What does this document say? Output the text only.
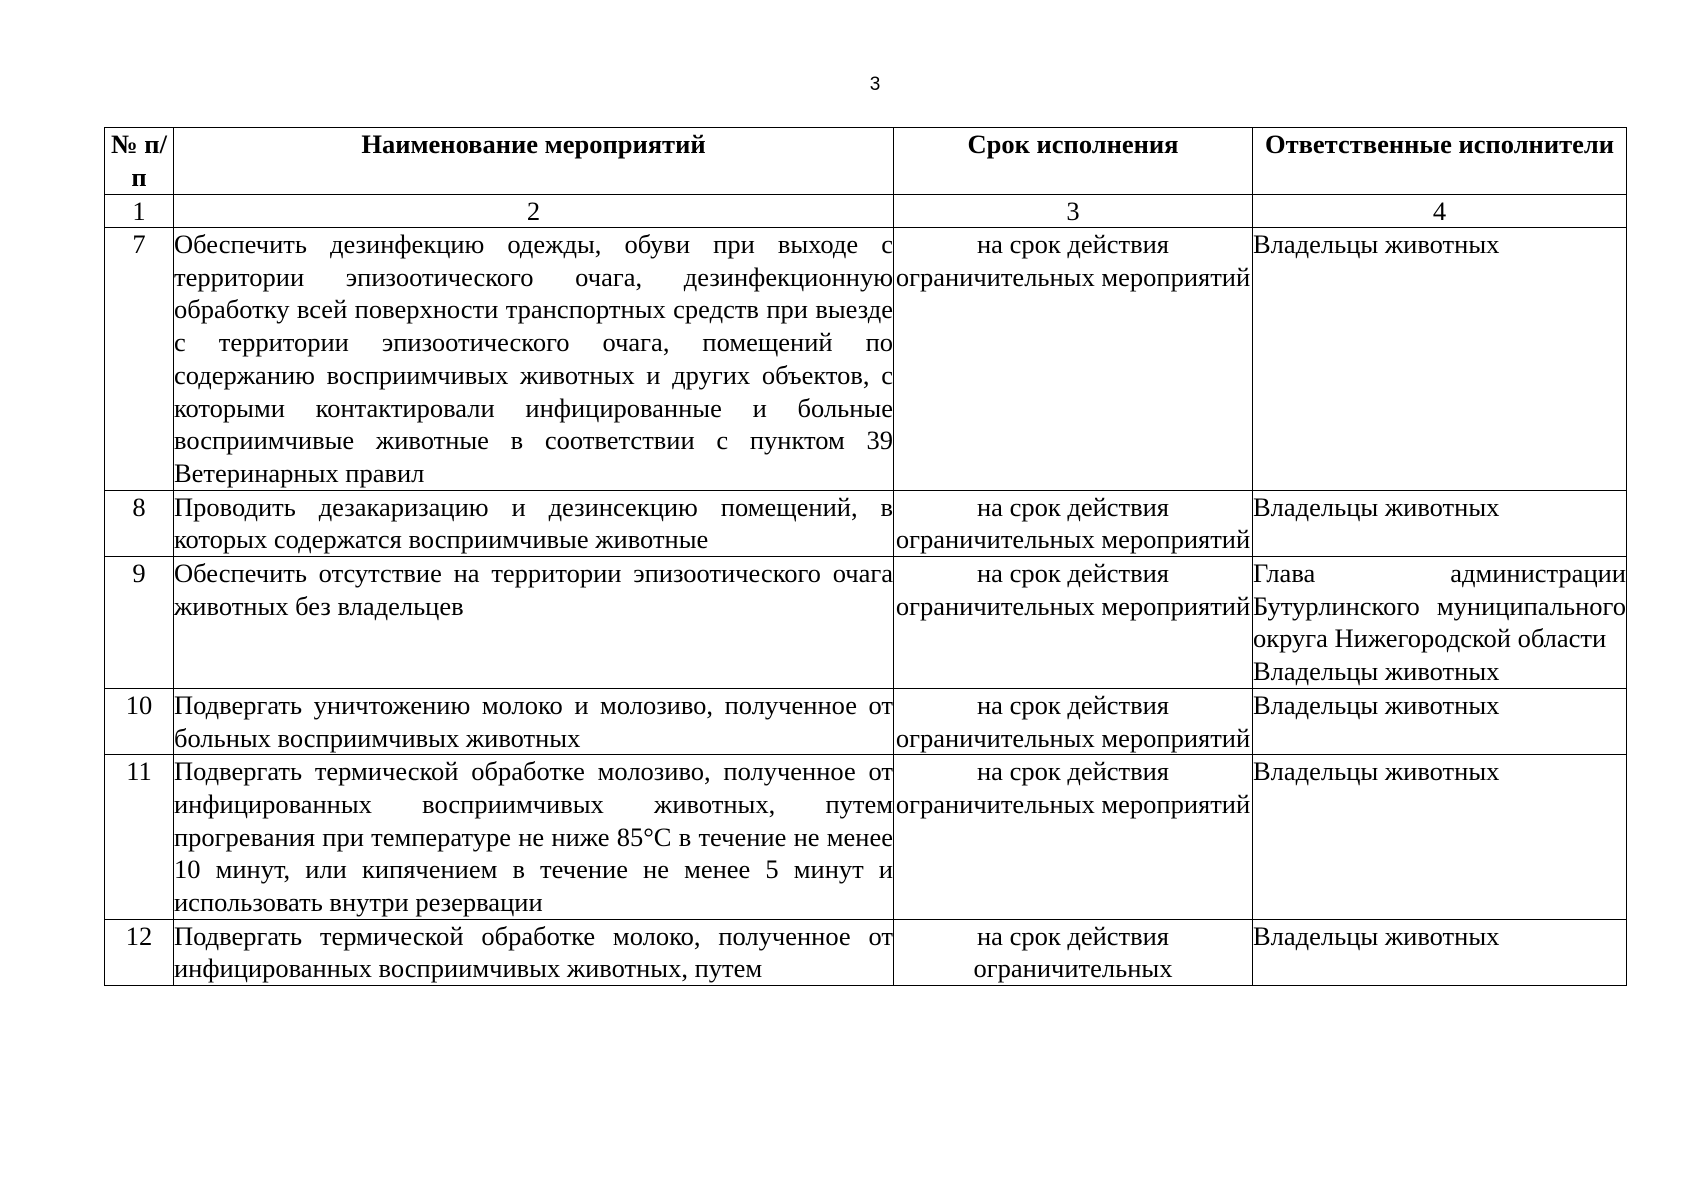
3
№ п/п	Наименование мероприятий	Срок исполнения	Ответственные исполнители
1	2	3	4
7	Обеспечить дезинфекцию одежды, обуви при выходе с территории эпизоотического очага, дезинфекционную обработку всей поверхности транспортных средств при выезде с территории эпизоотического очага, помещений по содержанию восприимчивых животных и других объектов, с которыми контактировали инфицированные и больные восприимчивые животные в соответствии с пунктом 39 Ветеринарных правил	на срок действия ограничительных мероприятий	Владельцы животных

8	Проводить дезакаризацию и дезинсекцию помещений, в которых содержатся восприимчивые животные	на срок действия ограничительных мероприятий	Владельцы животных

9	Обеспечить отсутствие на территории эпизоотического очага животных без владельцев	на срок действия ограничительных мероприятий	Глава администрации Бутурлинского муниципального округа Нижегородской области
Владельцы животных

10	Подвергать уничтожению молоко и молозиво, полученное от больных восприимчивых животных	на срок действия ограничительных мероприятий	Владельцы животных

11	Подвергать термической обработке молозиво, полученное от инфицированных восприимчивых животных, путем прогревания при температуре не ниже 85°С в течение не менее 10 минут, или кипячением в течение не менее 5 минут и использовать внутри резервации	на срок действия ограничительных мероприятий	Владельцы животных

12	Подвергать термической обработке молоко, полученное от инфицированных восприимчивых животных, путем	на срок действия ограничительных	Владельцы животных
